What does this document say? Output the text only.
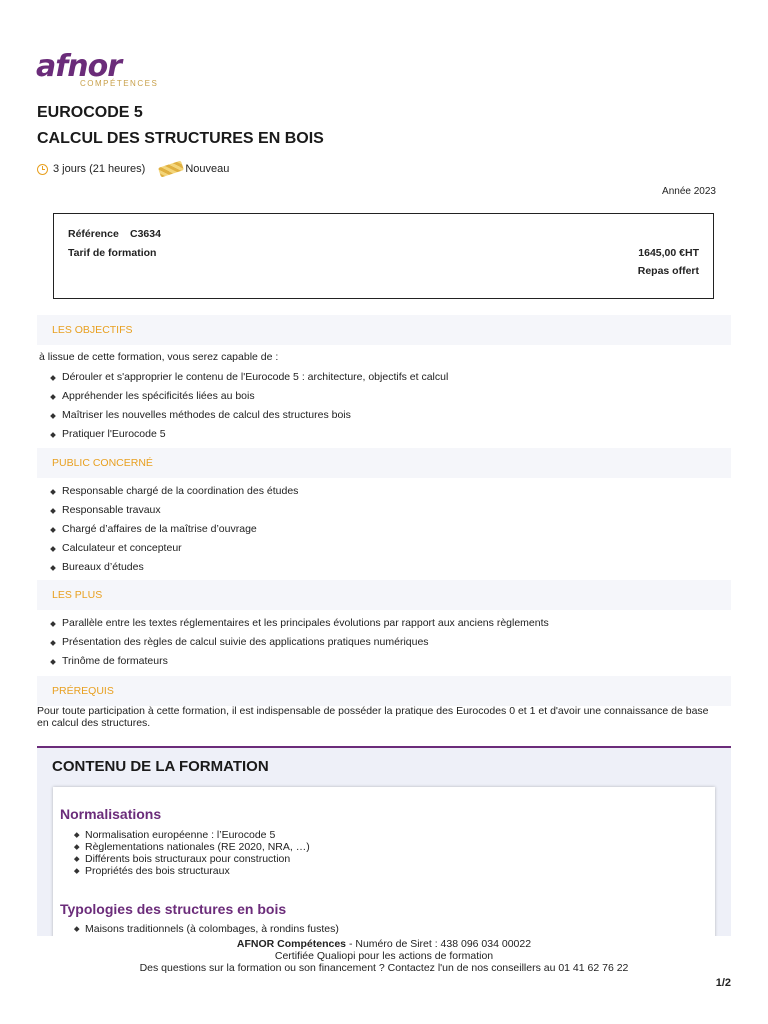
afnor
COMPÉTENCES
EUROCODE 5
CALCUL DES STRUCTURES EN BOIS
3 jours (21 heures)	Nouveau
Année 2023
Référence C3634
Tarif de formation	1645,00 €HT
Repas offert
LES OBJECTIFS
à lissue de cette formation, vous serez capable de :
Dérouler et s'approprier le contenu de l'Eurocode 5 : architecture, objectifs et calcul
Appréhender les spécificités liées au bois
Maîtriser les nouvelles méthodes de calcul des structures bois
Pratiquer l'Eurocode 5
PUBLIC CONCERNÉ
Responsable chargé de la coordination des études
Responsable travaux
Chargé d’affaires de la maîtrise d’ouvrage
Calculateur et concepteur
Bureaux d’études
LES PLUS
Parallèle entre les textes réglementaires et les principales évolutions par rapport aux anciens règlements
Présentation des règles de calcul suivie des applications pratiques numériques
Trinôme de formateurs
PRÉREQUIS
Pour toute participation à cette formation, il est indispensable de posséder la pratique des Eurocodes 0 et 1 et d'avoir une connaissance de base en calcul des structures.
CONTENU DE LA FORMATION
Normalisations
Normalisation européenne : l’Eurocode 5
Règlementations nationales (RE 2020, NRA, …)
Différents bois structuraux pour construction
Propriétés des bois structuraux
Typologies des structures en bois
Maisons traditionnels (à colombages, à rondins fustes)
AFNOR Compétences - Numéro de Siret : 438 096 034 00022
Certifiée Qualiopi pour les actions de formation
Des questions sur la formation ou son financement ? Contactez l'un de nos conseillers au 01 41 62 76 22
1/2
